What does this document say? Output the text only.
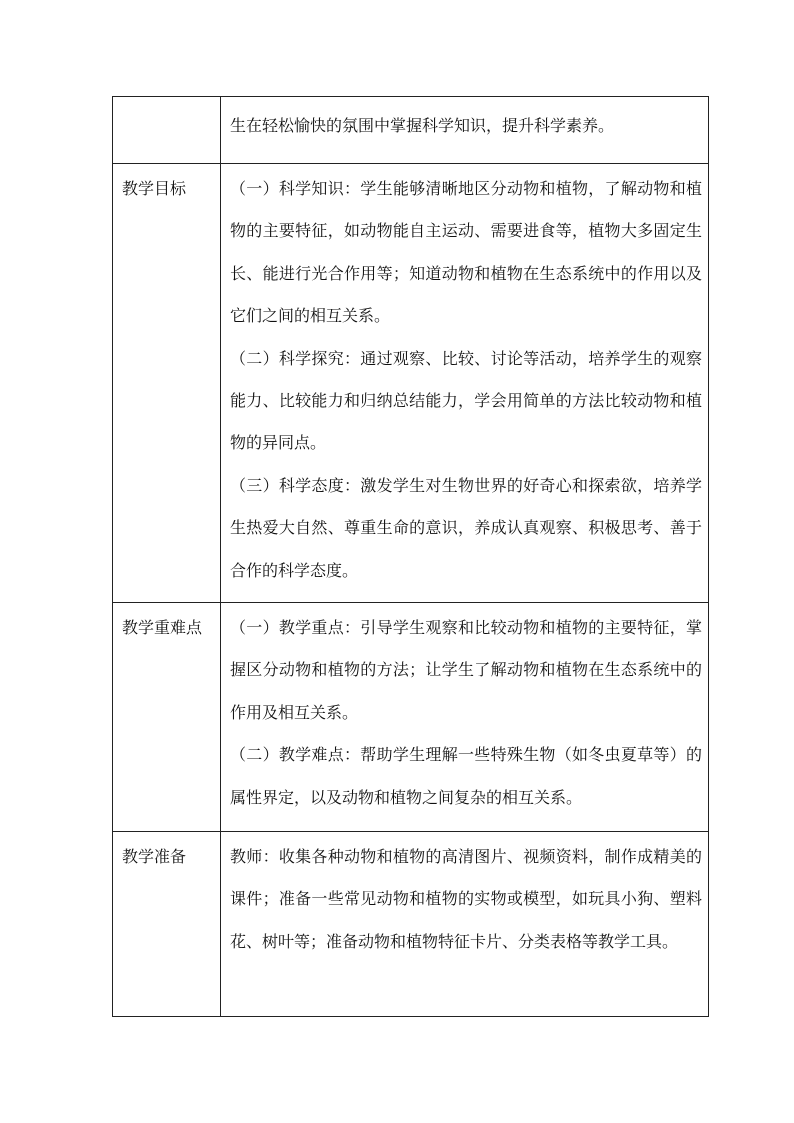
	生在轻松愉快的氛围中掌握科学知识，提升科学素养。

教学目标	（一）科学知识：学生能够清晰地区分动物和植物，了解动物和植物的主要特征，如动物能自主运动、需要进食等，植物大多固定生长、能进行光合作用等；知道动物和植物在生态系统中的作用以及它们之间的相互关系。

（二）科学探究：通过观察、比较、讨论等活动，培养学生的观察能力、比较能力和归纳总结能力，学会用简单的方法比较动物和植物的异同点。

（三）科学态度：激发学生对生物世界的好奇心和探索欲，培养学生热爱大自然、尊重生命的意识，养成认真观察、积极思考、善于合作的科学态度。

教学重难点	（一）教学重点：引导学生观察和比较动物和植物的主要特征，掌握区分动物和植物的方法；让学生了解动物和植物在生态系统中的作用及相互关系。

（二）教学难点：帮助学生理解一些特殊生物（如冬虫夏草等）的属性界定，以及动物和植物之间复杂的相互关系。

教学准备	教师：收集各种动物和植物的高清图片、视频资料，制作成精美的课件；准备一些常见动物和植物的实物或模型，如玩具小狗、塑料花、树叶等；准备动物和植物特征卡片、分类表格等教学工具。
